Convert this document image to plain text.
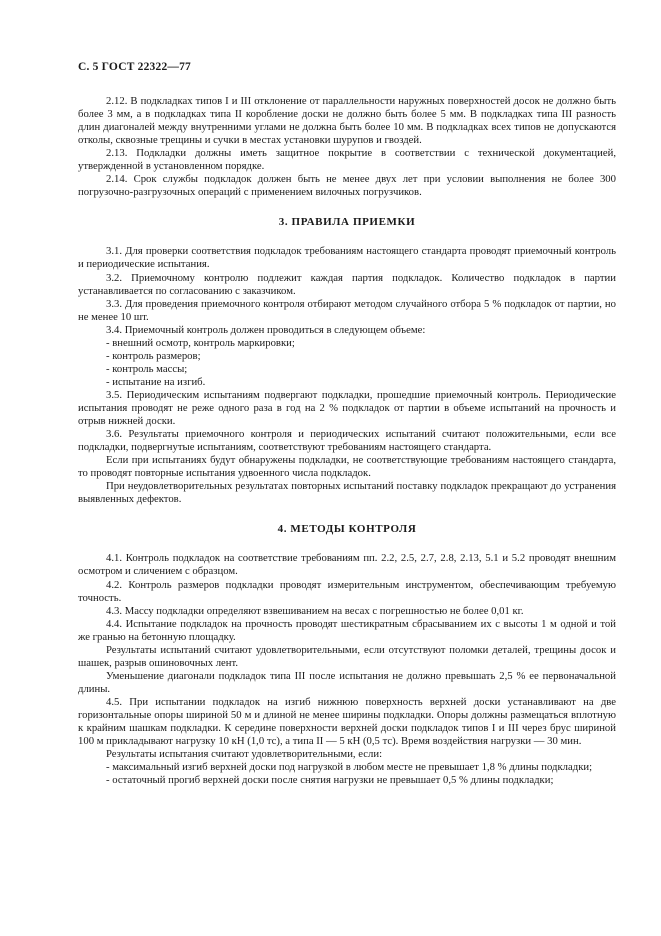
С. 5 ГОСТ 22322—77

2.12. В подкладках типов I и III отклонение от параллельности наружных поверхностей досок не должно быть более 3 мм, а в подкладках типа II коробление доски не должно быть более 5 мм. В подкладках типа III разность длин диагоналей между внутренними углами не должна быть более 10 мм. В подкладках всех типов не допускаются отколы, сквозные трещины и сучки в местах установки шурупов и гвоздей.

2.13. Подкладки должны иметь защитное покрытие в соответствии с технической документацией, утвержденной в установленном порядке.

2.14. Срок службы подкладок должен быть не менее двух лет при условии выполнения не более 300 погрузочно-разгрузочных операций с применением вилочных погрузчиков.

3. ПРАВИЛА ПРИЕМКИ

3.1. Для проверки соответствия подкладок требованиям настоящего стандарта проводят приемочный контроль и периодические испытания.

3.2. Приемочному контролю подлежит каждая партия подкладок. Количество подкладок в партии устанавливается по согласованию с заказчиком.

3.3. Для проведения приемочного контроля отбирают методом случайного отбора 5 % подкладок от партии, но не менее 10 шт.

3.4. Приемочный контроль должен проводиться в следующем объеме:

- внешний осмотр, контроль маркировки;

- контроль размеров;

- контроль массы;

- испытание на изгиб.

3.5. Периодическим испытаниям подвергают подкладки, прошедшие приемочный контроль. Периодические испытания проводят не реже одного раза в год на 2 % подкладок от партии в объеме испытаний на прочность и отрыв нижней доски.

3.6. Результаты приемочного контроля и периодических испытаний считают положительными, если все подкладки, подвергнутые испытаниям, соответствуют требованиям настоящего стандарта.

Если при испытаниях будут обнаружены подкладки, не соответствующие требованиям настоящего стандарта, то проводят повторные испытания удвоенного числа подкладок.

При неудовлетворительных результатах повторных испытаний поставку подкладок прекращают до устранения выявленных дефектов.

4. МЕТОДЫ КОНТРОЛЯ

4.1. Контроль подкладок на соответствие требованиям пп. 2.2, 2.5, 2.7, 2.8, 2.13, 5.1 и 5.2 проводят внешним осмотром и сличением с образцом.

4.2. Контроль размеров подкладки проводят измерительным инструментом, обеспечивающим требуемую точность.

4.3. Массу подкладки определяют взвешиванием на весах с погрешностью не более 0,01 кг.

4.4. Испытание подкладок на прочность проводят шестикратным сбрасыванием их с высоты 1 м одной и той же гранью на бетонную площадку.

Результаты испытаний считают удовлетворительными, если отсутствуют поломки деталей, трещины досок и шашек, разрыв ошиновочных лент.

Уменьшение диагонали подкладок типа III после испытания не должно превышать 2,5 % ее первоначальной длины.

4.5. При испытании подкладок на изгиб нижнюю поверхность верхней доски устанавливают на две горизонтальные опоры шириной 50 м и длиной не менее ширины подкладки. Опоры должны размещаться вплотную к крайним шашкам подкладки. К середине поверхности верхней доски подкладок типов I и III через брус шириной 100 м прикладывают нагрузку 10 кН (1,0 тс), а типа II — 5 кН (0,5 тс). Время воздействия нагрузки — 30 мин.

Результаты испытания считают удовлетворительными, если:

- максимальный изгиб верхней доски под нагрузкой в любом месте не превышает 1,8 % длины подкладки;

- остаточный прогиб верхней доски после снятия нагрузки не превышает 0,5 % длины подкладки;
